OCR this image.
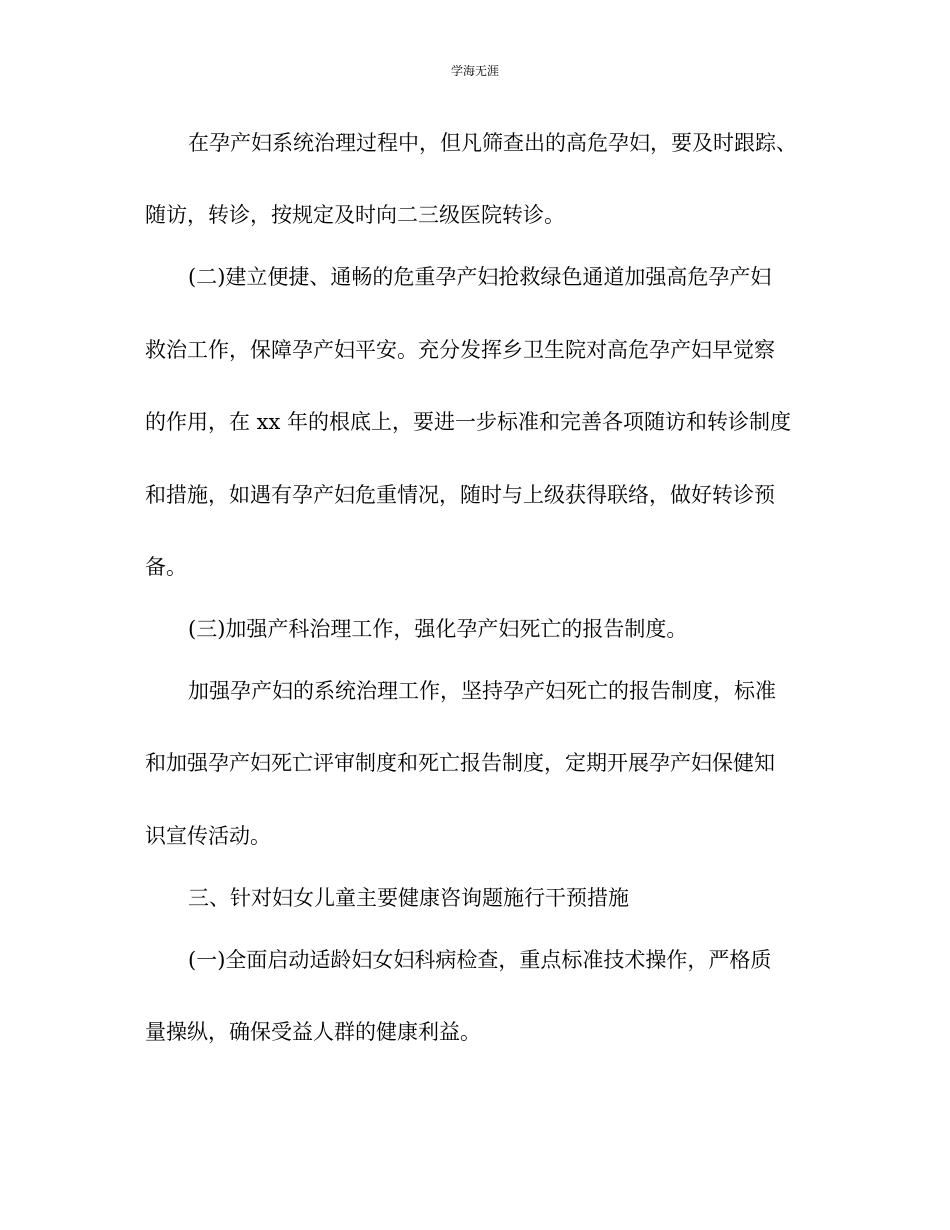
学海无涯
在孕产妇系统治理过程中，但凡筛查出的高危孕妇，要及时跟踪、
随访，转诊，按规定及时向二三级医院转诊。
(二)建立便捷、通畅的危重孕产妇抢救绿色通道加强高危孕产妇
救治工作，保障孕产妇平安。充分发挥乡卫生院对高危孕产妇早觉察
的作用，在 xx 年的根底上，要进一步标准和完善各项随访和转诊制度
和措施，如遇有孕产妇危重情况，随时与上级获得联络，做好转诊预
备。
(三)加强产科治理工作，强化孕产妇死亡的报告制度。
加强孕产妇的系统治理工作，坚持孕产妇死亡的报告制度，标准
和加强孕产妇死亡评审制度和死亡报告制度，定期开展孕产妇保健知
识宣传活动。
三、针对妇女儿童主要健康咨询题施行干预措施
(一)全面启动适龄妇女妇科病检查，重点标准技术操作，严格质
量操纵，确保受益人群的健康利益。
